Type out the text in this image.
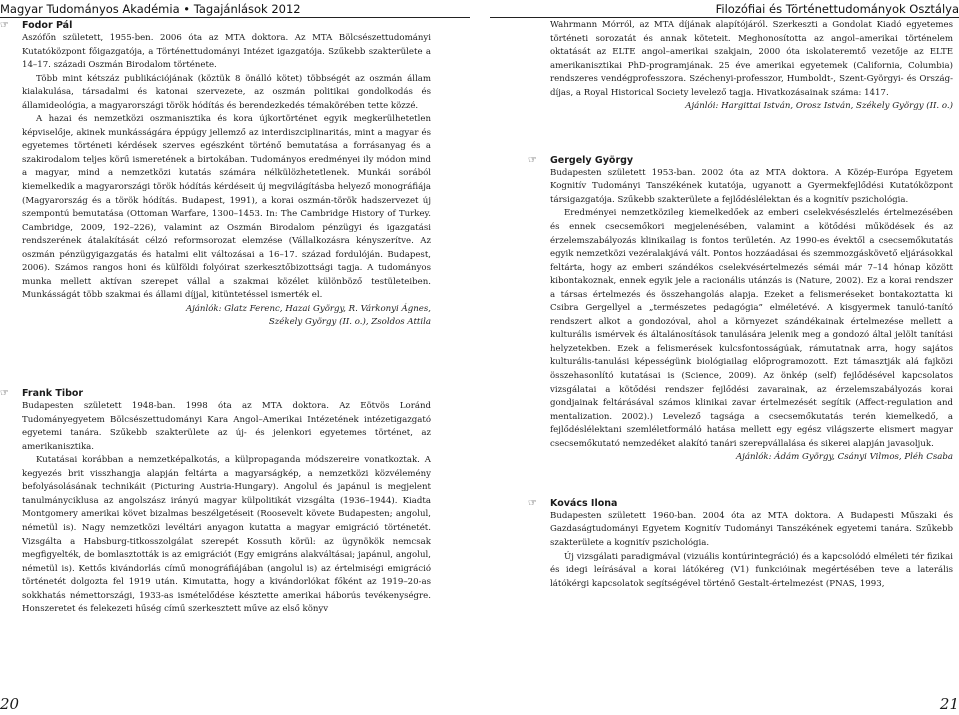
Magyar Tudományos Akadémia • Tagajánlások 2012	Filozófiai és Történettudományok Osztálya
☞ Fodor Pál

Aszófőn született, 1955-ben. 2006 óta az MTA doktora. Az MTA Bölcsészettudományi Kutatóközpont főigazgatója, a Történettudományi Intézet igazgatója. Szűkebb szakterülete a 14–17. századi Oszmán Birodalom története.

Több mint kétszáz publikációjának (köztük 8 önálló kötet) többségét az oszmán állam kialakulása, társadalmi és katonai szervezete, az oszmán politikai gondolkodás és államideológia, a magyarországi török hódítás és berendezkedés témakörében tette közzé.

A hazai és nemzetközi oszmanisztika és kora újkortörténet egyik megkerülhetetlen képviselője, akinek munkásságára éppúgy jellemző az interdiszciplinaritás, mint a magyar és egyetemes történeti kérdések szerves egészként történő bemutatása a forrásanyag és a szakirodalom teljes körű ismeretének a birtokában. Tudományos eredményei ily módon mind a magyar, mind a nemzetközi kutatás számára nélkülözhetetlenek. Munkái sorából kiemelkedik a magyarországi török hódítás kérdéseit új megvilágításba helyező monográfiája (Magyarország és a török hódítás. Budapest, 1991), a korai oszmán-török hadszervezet új szempontú bemutatása (Ottoman Warfare, 1300–1453. In: The Cambridge History of Turkey. Cambridge, 2009, 192–226), valamint az Oszmán Birodalom pénzügyi és igazgatási rendszerének átalakítását célzó reformsorozat elemzése (Vállalkozásra kényszerítve. Az oszmán pénzügyigazgatás és hatalmi elit változásai a 16–17. század fordulóján. Budapest, 2006). Számos rangos honi és külföldi folyóirat szerkesztőbizottsági tagja. A tudományos munka mellett aktívan szerepet vállal a szakmai közélet különböző testületeiben. Munkásságát több szakmai és állami díjjal, kitüntetéssel ismerték el.

Ajánlók: Glatz Ferenc, Hazai György, R. Várkonyi Ágnes,

Székely György (II. o.), Zsoldos Attila

☞ Frank Tibor

Budapesten született 1948-ban. 1998 óta az MTA doktora. Az Eötvös Loránd Tudományegyetem Bölcsészettudományi Kara Angol–Amerikai Intézetének intézetigazgató egyetemi tanára. Szűkebb szakterülete az új- és jelenkori egyetemes történet, az amerikanisztika.

Kutatásai korábban a nemzetképalkotás, a külpropaganda módszereire vonatkoztak. A kegyezés brit visszhangja alapján feltárta a magyarságkép, a nemzetközi közvélemény befolyásolásának technikáit (Picturing Austria-Hungary). Angolul és japánul is megjelent tanulmányciklusa az angolszász irányú magyar külpolitikát vizsgálta (1936–1944). Kiadta Montgomery amerikai követ bizalmas beszélgetéseit (Roosevelt követe Budapesten; angolul, németül is). Nagy nemzetközi levéltári anyagon kutatta a magyar emigráció történetét. Vizsgálta a Habsburg-titkosszolgálat szerepét Kossuth körül: az ügynökök nemcsak megfigyelték, de bomlasztották is az emigrációt (Egy emigráns alakváltásai; japánul, angolul, németül is). Kettős kivándorlás című monográfiájában (angolul is) az értelmiségi emigráció történetét dolgozta fel 1919 után. Kimutatta, hogy a kivándorlókat főként az 1919–20-as sokkhatás némettországi, 1933-as ismételődése késztette amerikai háborús tevékenységre. Honszeretet és felekezeti hűség című szerkesztett műve az első könyv

Wahrmann Mórról, az MTA díjának alapítójáról. Szerkeszti a Gondolat Kiadó egyetemes történeti sorozatát és annak köteteit. Meghonosította az angol–amerikai történelem oktatását az ELTE angol–amerikai szakjain, 2000 óta iskolateremtő vezetője az ELTE amerikanisztikai PhD-programjának. 25 éve amerikai egyetemek (California, Columbia) rendszeres vendégprofesszora. Széchenyi-professzor, Humboldt-, Szent-Györgyi- és Ország-díjas, a Royal Historical Society levelező tagja. Hivatkozásainak száma: 1417.

Ajánlói: Hargittai István, Orosz István, Székely György (II. o.)

☞ Gergely György

Budapesten született 1953-ban. 2002 óta az MTA doktora. A Közép-Európa Egyetem Kognitív Tudományi Tanszékének kutatója, ugyanott a Gyermekfejlődési Kutatóközpont társigazgatója. Szűkebb szakterülete a fejlődéslélektan és a kognitív pszichológia.

Eredményei nemzetközileg kiemelkedőek az emberi cselekvésészlelés értelmezésében és ennek csecsemőkori megjelenésében, valamint a kötődési működések és az érzelemszabályozás klinikailag is fontos területén. Az 1990-es évektől a csecsemőkutatás egyik nemzetközi vezéralakjává vált. Pontos hozzáadásai és szemmozgáskövető eljárásokkal feltárta, hogy az emberi szándékos cselekvésértelmezés sémái már 7–14 hónap között kibontakoznak, ennek egyik jele a racionális utánzás is (Nature, 2002). Ez a korai rendszer a társas értelmezés és összehangolás alapja. Ezeket a felismeréseket bontakoztatta ki Csibra Gergellyel a „természetes pedagógia” elméletévé. A kisgyermek tanuló-tanító rendszert alkot a gondozóval, ahol a környezet szándékainak értelmezése mellett a kulturális ismérvek és általánosítások tanulására jelenik meg a gondozó által jelölt tanítási helyzetekben. Ezek a felismerések kulcsfontosságúak, rámutatnak arra, hogy sajátos kulturális-tanulási képességünk biológiailag előprogramozott. Ezt támasztják alá fajközi összehasonlító kutatásai is (Science, 2009). Az önkép (self) fejlődésével kapcsolatos vizsgálatai a kötődési rendszer fejlődési zavarainak, az érzelemszabályozás korai gondjainak feltárásával számos klinikai zavar értelmezését segítik (Affect-regulation and mentalization. 2002).) Levelező tagsága a csecsemőkutatás terén kiemelkedő, a fejlődéslélektani szemléletformáló hatása mellett egy egész világszerte elismert magyar csecsemőkutató nemzedéket alakító tanári szerepvállalása és sikerei alapján javasoljuk.

Ajánlók: Ádám György, Csányi Vilmos, Pléh Csaba

☞ Kovács Ilona

Budapesten született 1960-ban. 2004 óta az MTA doktora. A Budapesti Műszaki és Gazdaságtudományi Egyetem Kognitív Tudományi Tanszékének egyetemi tanára. Szűkebb szakterülete a kognitív pszichológia.

Új vizsgálati paradigmával (vizuális kontúrintegráció) és a kapcsolódó elméleti tér fizikai és idegi leírásával a korai látókéreg (V1) funkcióinak megértésében teve a laterális látókérgi kapcsolatok segítségével történő Gestalt-értelmezést (PNAS, 1993,

20	21
